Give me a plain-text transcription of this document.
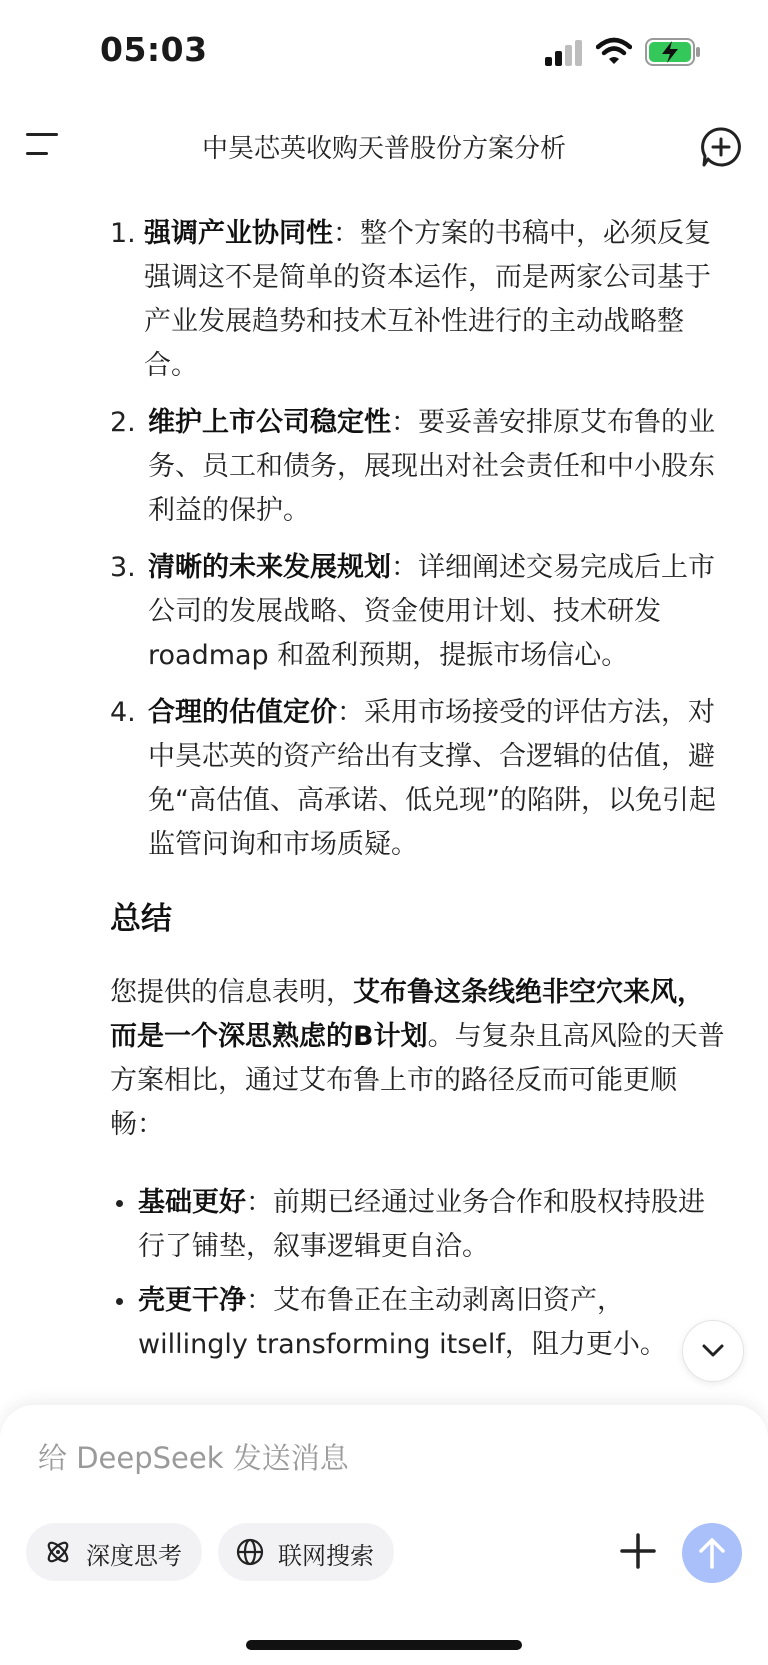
05:03
中昊芯英收购天普股份方案分析
1. 强调产业协同性：整个方案的书稿中，必须反复强调这不是简单的资本运作，而是两家公司基于产业发展趋势和技术互补性进行的主动战略整合。
2. 维护上市公司稳定性：要妥善安排原艾布鲁的业务、员工和债务，展现出对社会责任和中小股东利益的保护。
3. 清晰的未来发展规划：详细阐述交易完成后上市公司的发展战略、资金使用计划、技术研发 roadmap 和盈利预期，提振市场信心。
4. 合理的估值定价：采用市场接受的评估方法，对中昊芯英的资产给出有支撑、合逻辑的估值，避免“高估值、高承诺、低兑现”的陷阱，以免引起监管问询和市场质疑。
总结

您提供的信息表明，艾布鲁这条线绝非空穴来风，而是一个深思熟虑的B计划。与复杂且高风险的天普方案相比，通过艾布鲁上市的路径反而可能更顺畅：

基础更好：前期已经通过业务合作和股权持股进行了铺垫，叙事逻辑更自洽。
壳更干净：艾布鲁正在主动剥离旧资产，willingly transforming itself，阻力更小。
给 DeepSeek 发送消息
深度思考	联网搜索
